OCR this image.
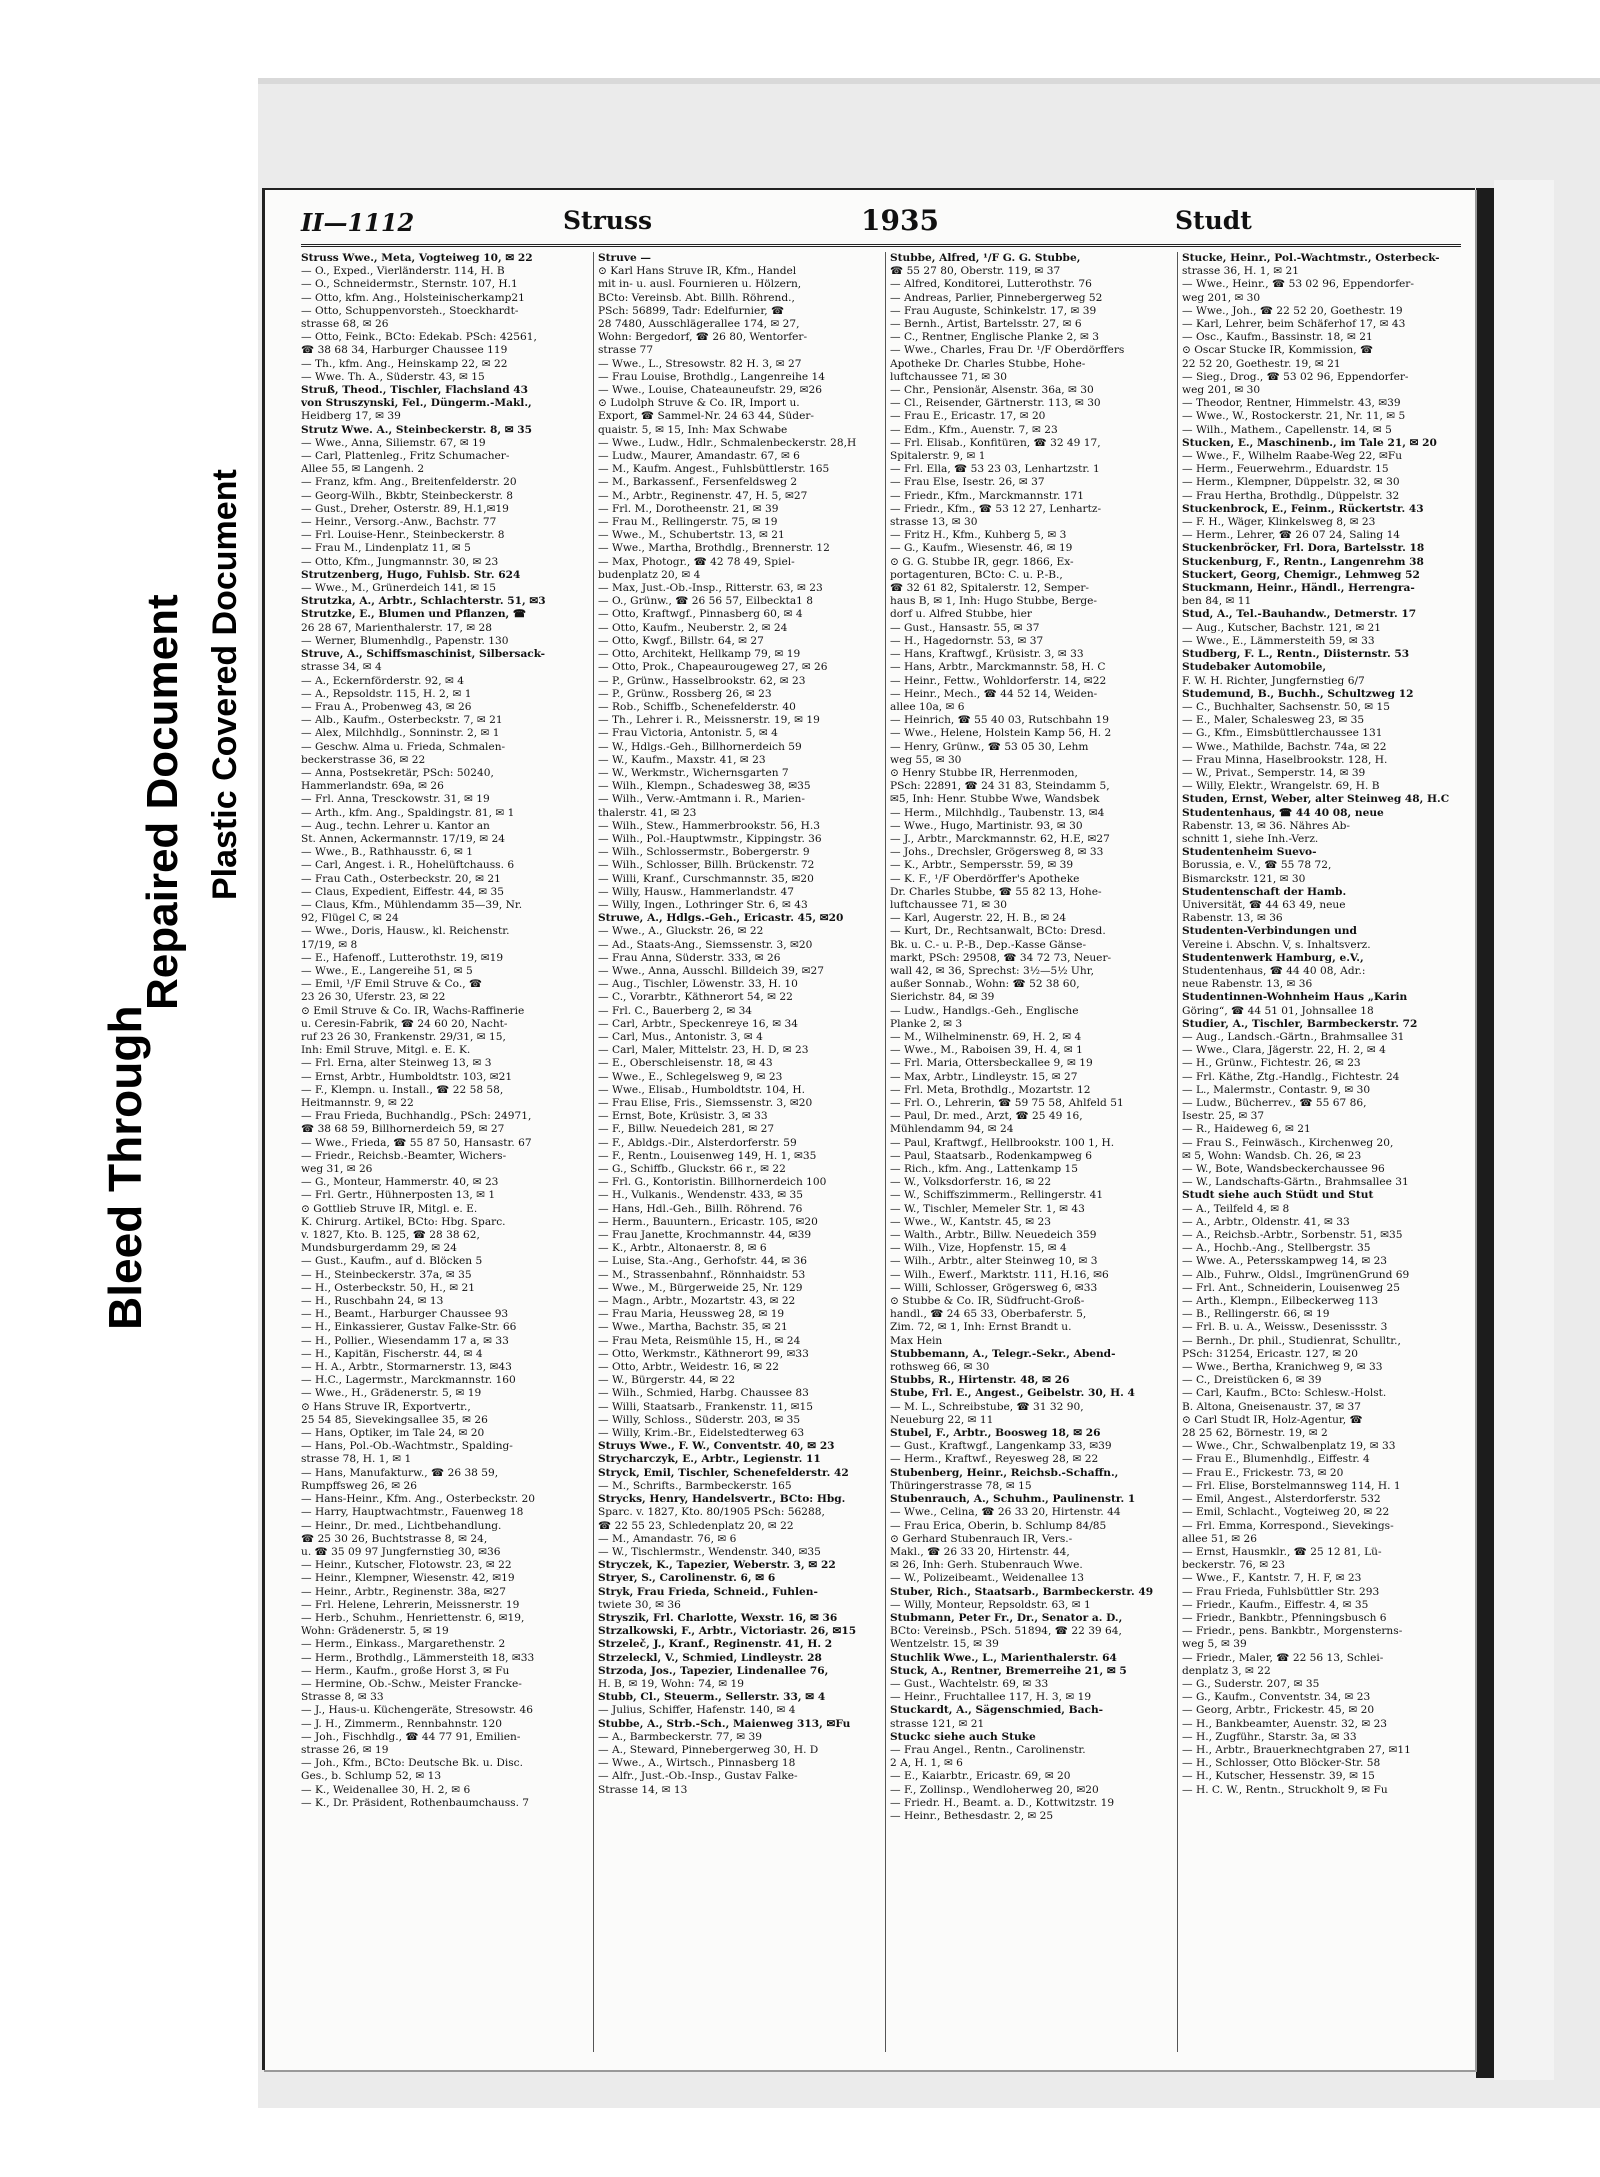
Bleed Through
Repaired Document Plastic Covered Document
II—1112	Struss	1935	Studt
Struss Wwe., Meta, Vogteiweg 10, ✉ 22
— O., Exped., Vierländerstr. 114, H. B
— O., Schneidermstr., Sternstr. 107, H.1
— Otto, kfm. Ang., Holsteinischerkamp21
— Otto, Schuppenvorsteh., Stoeckhardt-
strasse 68, ✉ 26
— Otto, Feink., BCto: Edekab. PSch: 42561,
☎ 38 68 34, Harburger Chaussee 119
— Th., kfm. Ang., Heinskamp 22, ✉ 22
— Wwe. Th. A., Süderstr. 43, ✉ 15
Struß, Theod., Tischler, Flachsland 43
von Struszynski, Fel., Düngerm.-Makl.,
Heidberg 17, ✉ 39
Strutz Wwe. A., Steinbeckerstr. 8, ✉ 35
— Wwe., Anna, Siliemstr. 67, ✉ 19
— Carl, Plattenleg., Fritz Schumacher-
Allee 55, ✉ Langenh. 2
— Franz, kfm. Ang., Breitenfelderstr. 20
— Georg-Wilh., Bkbtr, Steinbeckerstr. 8
— Gust., Dreher, Osterstr. 89, H.1,✉19
— Heinr., Versorg.-Anw., Bachstr. 77
— Frl. Louise-Henr., Steinbeckerstr. 8
— Frau M., Lindenplatz 11, ✉ 5
— Otto, Kfm., Jungmannstr. 30, ✉ 23
Strutzenberg, Hugo, Fuhlsb. Str. 624
— Wwe., M., Grünerdeich 141, ✉ 15
Strutzka, A., Arbtr., Schlachterstr. 51, ✉3
Strutzke, E., Blumen und Pflanzen, ☎
26 28 67, Marienthalerstr. 17, ✉ 28
— Werner, Blumenhdlg., Papenstr. 130
Struve, A., Schiffsmaschinist, Silbersack-
strasse 34, ✉ 4
— A., Eckernförderstr. 92, ✉ 4
— A., Repsoldstr. 115, H. 2, ✉ 1
— Frau A., Probenweg 43, ✉ 26
— Alb., Kaufm., Osterbeckstr. 7, ✉ 21
— Alex, Milchhdlg., Sonninstr. 2, ✉ 1
— Geschw. Alma u. Frieda, Schmalen-
beckerstrasse 36, ✉ 22
— Anna, Postsekretär, PSch: 50240,
Hammerlandstr. 69a, ✉ 26
— Frl. Anna, Tresckowstr. 31, ✉ 19
— Arth., kfm. Ang., Spaldingstr. 81, ✉ 1
— Aug., techn. Lehrer u. Kantor an
St. Annen, Ackermannstr. 17/19, ✉ 24
— Wwe., B., Rathhausstr. 6, ✉ 1
— Carl, Angest. i. R., Hohelüftchauss. 6
— Frau Cath., Osterbeckstr. 20, ✉ 21
— Claus, Expedient, Eiffestr. 44, ✉ 35
— Claus, Kfm., Mühlendamm 35—39, Nr.
92, Flügel C, ✉ 24
— Wwe., Doris, Hausw., kl. Reichenstr.
17/19, ✉ 8
— E., Hafenoff., Lutterothstr. 19, ✉19
— Wwe., E., Langereihe 51, ✉ 5
— Emil, ¹/F Emil Struve & Co., ☎
23 26 30, Uferstr. 23, ✉ 22
⊙ Emil Struve & Co. IR, Wachs-Raffinerie
u. Ceresin-Fabrik, ☎ 24 60 20, Nacht-
ruf 23 26 30, Frankenstr. 29/31, ✉ 15,
Inh: Emil Struve, Mitgl. e. E. K.
— Frl. Erna, alter Steinweg 13, ✉ 3
— Ernst, Arbtr., Humboldtstr. 103, ✉21
— F., Klempn. u. Install., ☎ 22 58 58,
Heitmannstr. 9, ✉ 22
— Frau Frieda, Buchhandlg., PSch: 24971,
☎ 38 68 59, Billhornerdeich 59, ✉ 27
— Wwe., Frieda, ☎ 55 87 50, Hansastr. 67
— Friedr., Reichsb.-Beamter, Wichers-
weg 31, ✉ 26
— G., Monteur, Hammerstr. 40, ✉ 23
— Frl. Gertr., Hühnerposten 13, ✉ 1
⊙ Gottlieb Struve IR, Mitgl. e. E.
K. Chirurg. Artikel, BCto: Hbg. Sparc.
v. 1827, Kto. B. 125, ☎ 28 38 62,
Mundsburgerdamm 29, ✉ 24
— Gust., Kaufm., auf d. Blöcken 5
— H., Steinbeckerstr. 37a, ✉ 35
— H., Osterbeckstr. 50, H., ✉ 21
— H., Ruschbahn 24, ✉ 13
— H., Beamt., Harburger Chaussee 93
— H., Einkassierer, Gustav Falke-Str. 66
— H., Pollier., Wiesendamm 17 a, ✉ 33
— H., Kapitän, Fischerstr. 44, ✉ 4
— H. A., Arbtr., Stormarnerstr. 13, ✉43
— H.C., Lagermstr., Marckmannstr. 160
— Wwe., H., Grädenerstr. 5, ✉ 19
⊙ Hans Struve IR, Exportvertr.,
25 54 85, Sievekingsallee 35, ✉ 26
— Hans, Optiker, im Tale 24, ✉ 20
— Hans, Pol.-Ob.-Wachtmstr., Spalding-
strasse 78, H. 1, ✉ 1
— Hans, Manufakturw., ☎ 26 38 59,
Rumpffsweg 26, ✉ 26
— Hans-Heinr., Kfm. Ang., Osterbeckstr. 20
— Harry, Hauptwachtmstr., Fauenweg 18
— Heinr., Dr. med., Lichtbehandlung.
☎ 25 30 26, Buchtstrasse 8, ✉ 24,
u. ☎ 35 09 97 Jungfernstieg 30, ✉36
— Heinr., Kutscher, Flotowstr. 23, ✉ 22
— Heinr., Klempner, Wiesenstr. 42, ✉19
— Heinr., Arbtr., Reginenstr. 38a, ✉27
— Frl. Helene, Lehrerin, Meissnerstr. 19
— Herb., Schuhm., Henriettenstr. 6, ✉19,
Wohn: Grädenerstr. 5, ✉ 19
— Herm., Einkass., Margarethenstr. 2
— Herm., Brothdlg., Lämmersteith 18, ✉33
— Herm., Kaufm., große Horst 3, ✉ Fu
— Hermine, Ob.-Schw., Meister Francke-
Strasse 8, ✉ 33
— J., Haus-u. Küchengeräte, Stresowstr. 46
— J. H., Zimmerm., Rennbahnstr. 120
— Joh., Fischhdlg., ☎ 44 77 91, Emilien-
strasse 26, ✉ 19
— Joh., Kfm., BCto: Deutsche Bk. u. Disc.
Ges., b. Schlump 52, ✉ 13
— K., Weidenallee 30, H. 2, ✉ 6
— K., Dr. Präsident, Rothenbaumchauss. 7
Struve —
⊙ Karl Hans Struve IR, Kfm., Handel
mit in- u. ausl. Fournieren u. Hölzern,
BCto: Vereinsb. Abt. Billh. Röhrend.,
PSch: 56899, Tadr: Edelfurnier, ☎
28 7480, Ausschlägerallee 174, ✉ 27,
Wohn: Bergedorf, ☎ 26 80, Wentorfer-
strasse 77
— Wwe., L., Stresowstr. 82 H. 3, ✉ 27
— Frau Louise, Brothdlg., Langenreihe 14
— Wwe., Louise, Chateauneufstr. 29, ✉26
⊙ Ludolph Struve & Co. IR, Import u.
Export, ☎ Sammel-Nr. 24 63 44, Süder-
quaistr. 5, ✉ 15, Inh: Max Schwabe
— Wwe., Ludw., Hdlr., Schmalenbeckerstr. 28,H
— Ludw., Maurer, Amandastr. 67, ✉ 6
— M., Kaufm. Angest., Fuhlsbüttlerstr. 165
— M., Barkassenf., Fersenfeldsweg 2
— M., Arbtr., Reginenstr. 47, H. 5, ✉27
— Frl. M., Dorotheenstr. 21, ✉ 39
— Frau M., Rellingerstr. 75, ✉ 19
— Wwe., M., Schubertstr. 13, ✉ 21
— Wwe., Martha, Brothdlg., Brennerstr. 12
— Max, Photogr., ☎ 42 78 49, Spiel-
budenplatz 20, ✉ 4
— Max, Just.-Ob.-Insp., Ritterstr. 63, ✉ 23
— O., Grünw., ☎ 26 56 57, Eilbeckta1 8
— Otto, Kraftwgf., Pinnasberg 60, ✉ 4
— Otto, Kaufm., Neuberstr. 2, ✉ 24
— Otto, Kwgf., Billstr. 64, ✉ 27
— Otto, Architekt, Hellkamp 79, ✉ 19
— Otto, Prok., Chapeaurougeweg 27, ✉ 26
— P., Grünw., Hasselbrookstr. 62, ✉ 23
— P., Grünw., Rossberg 26, ✉ 23
— Rob., Schiffb., Schenefelderstr. 40
— Th., Lehrer i. R., Meissnerstr. 19, ✉ 19
— Frau Victoria, Antonistr. 5, ✉ 4
— W., Hdlgs.-Geh., Billhornerdeich 59
— W., Kaufm., Maxstr. 41, ✉ 23
— W., Werkmstr., Wichernsgarten 7
— Wilh., Klempn., Schadesweg 38, ✉35
— Wilh., Verw.-Amtmann i. R., Marien-
thalerstr. 41, ✉ 23
— Wilh., Stew., Hammerbrookstr. 56, H.3
— Wilh., Pol.-Hauptwmstr., Kippingstr. 36
— Wilh., Schlossermstr., Bobergerstr. 9
— Wilh., Schlosser, Billh. Brückenstr. 72
— Willi, Kranf., Curschmannstr. 35, ✉20
— Willy, Hausw., Hammerlandstr. 47
— Willy, Ingen., Lothringer Str. 6, ✉ 43
Struwe, A., Hdlgs.-Geh., Ericastr. 45, ✉20
— Wwe., A., Gluckstr. 26, ✉ 22
— Ad., Staats-Ang., Siemssenstr. 3, ✉20
— Frau Anna, Süderstr. 333, ✉ 26
— Wwe., Anna, Ausschl. Billdeich 39, ✉27
— Aug., Tischler, Löwenstr. 33, H. 10
— C., Vorarbtr., Käthnerort 54, ✉ 22
— Frl. C., Bauerberg 2, ✉ 34
— Carl, Arbtr., Speckenreye 16, ✉ 34
— Carl, Mus., Antonistr. 3, ✉ 4
— Carl, Maler, Mittelstr. 23, H. D, ✉ 23
— E., Oberschleisenstr. 18, ✉ 43
— Wwe., E., Schlegelsweg 9, ✉ 23
— Wwe., Elisab., Humboldtstr. 104, H.
— Frau Elise, Fris., Siemssenstr. 3, ✉20
— Ernst, Bote, Krüsistr. 3, ✉ 33
— F., Billw. Neuedeich 281, ✉ 27
— F., Abldgs.-Dir., Alsterdorferstr. 59
— F., Rentn., Louisenweg 149, H. 1, ✉35
— G., Schiffb., Gluckstr. 66 r., ✉ 22
— Frl. G., Kontoristin. Billhornerdeich 100
— H., Vulkanis., Wendenstr. 433, ✉ 35
— Hans, Hdl.-Geh., Billh. Röhrend. 76
— Herm., Bauuntern., Ericastr. 105, ✉20
— Frau Janette, Krochmannstr. 44, ✉39
— K., Arbtr., Altonaerstr. 8, ✉ 6
— Luise, Sta.-Ang., Gerhofstr. 44, ✉ 36
— M., Strassenbahnf., Rönnhaidstr. 53
— Wwe., M., Bürgerweide 25, Nr. 129
— Magn., Arbtr., Mozartstr. 43, ✉ 22
— Frau Maria, Heussweg 28, ✉ 19
— Wwe., Martha, Bachstr. 35, ✉ 21
— Frau Meta, Reismühle 15, H., ✉ 24
— Otto, Werkmstr., Käthnerort 99, ✉33
— Otto, Arbtr., Weidestr. 16, ✉ 22
— W., Bürgerstr. 44, ✉ 22
— Wilh., Schmied, Harbg. Chaussee 83
— Willi, Staatsarb., Frankenstr. 11, ✉15
— Willy, Schloss., Süderstr. 203, ✉ 35
— Willy, Krim.-Br., Eidelstedterweg 63
Struys Wwe., F. W., Conventstr. 40, ✉ 23
Strycharczyk, E., Arbtr., Legienstr. 11
Stryck, Emil, Tischler, Schenefelderstr. 42
— M., Schrifts., Barmbeckerstr. 165
Strycks, Henry, Handelsvertr., BCto: Hbg.
Sparc. v. 1827, Kto. 80/1905 PSch: 56288,
☎ 22 55 23, Schledenplatz 20, ✉ 22
— M., Amandastr. 76, ✉ 6
— W., Tischlermstr., Wendenstr. 340, ✉35
Stryczek, K., Tapezier, Weberstr. 3, ✉ 22
Stryer, S., Carolinenstr. 6, ✉ 6
Stryk, Frau Frieda, Schneid., Fuhlen-
twiete 30, ✉ 36
Stryszik, Frl. Charlotte, Wexstr. 16, ✉ 36
Strzalkowski, F., Arbtr., Victoriastr. 26, ✉15
Strzeleč, J., Kranf., Reginenstr. 41, H. 2
Strzeleckl, V., Schmied, Lindleystr. 28
Strzoda, Jos., Tapezier, Lindenallee 76,
H. B, ✉ 19, Wohn: 74, ✉ 19
Stubb, Cl., Steuerm., Sellerstr. 33, ✉ 4
— Julius, Schiffer, Hafenstr. 140, ✉ 4
Stubbe, A., Strb.-Sch., Maienweg 313, ✉Fu
— A., Barmbeckerstr. 77, ✉ 39
— A., Steward, Pinnebergerweg 30, H. D
— Wwe., A., Wirtsch., Pinnasberg 18
— Alfr., Just.-Ob.-Insp., Gustav Falke-
Strasse 14, ✉ 13
Stubbe, Alfred, ¹/F G. G. Stubbe,
☎ 55 27 80, Oberstr. 119, ✉ 37
— Alfred, Konditorei, Lutterothstr. 76
— Andreas, Parlier, Pinnebergerweg 52
— Frau Auguste, Schinkelstr. 17, ✉ 39
— Bernh., Artist, Bartelsstr. 27, ✉ 6
— C., Rentner, Englische Planke 2, ✉ 3
— Wwe., Charles, Frau Dr. ¹/F Oberdörffers
Apotheke Dr. Charles Stubbe, Hohe-
luftchaussee 71, ✉ 30
— Chr., Pensionär, Alsenstr. 36a, ✉ 30
— Cl., Reisender, Gärtnerstr. 113, ✉ 30
— Frau E., Ericastr. 17, ✉ 20
— Edm., Kfm., Auenstr. 7, ✉ 23
— Frl. Elisab., Konfitüren, ☎ 32 49 17,
Spitalerstr. 9, ✉ 1
— Frl. Ella, ☎ 53 23 03, Lenhartzstr. 1
— Frau Else, Isestr. 26, ✉ 37
— Friedr., Kfm., Marckmannstr. 171
— Friedr., Kfm., ☎ 53 12 27, Lenhartz-
strasse 13, ✉ 30
— Fritz H., Kfm., Kuhberg 5, ✉ 3
— G., Kaufm., Wiesenstr. 46, ✉ 19
⊙ G. G. Stubbe IR, gegr. 1866, Ex-
portagenturen, BCto: C. u. P.-B.,
☎ 32 61 82, Spitalerstr. 12, Semper-
haus B, ✉ 1, Inh: Hugo Stubbe, Berge-
dorf u. Alfred Stubbe, hier
— Gust., Hansastr. 55, ✉ 37
— H., Hagedornstr. 53, ✉ 37
— Hans, Kraftwgf., Krüsistr. 3, ✉ 33
— Hans, Arbtr., Marckmannstr. 58, H. C
— Heinr., Fettw., Wohldorferstr. 14, ✉22
— Heinr., Mech., ☎ 44 52 14, Weiden-
allee 10a, ✉ 6
— Heinrich, ☎ 55 40 03, Rutschbahn 19
— Wwe., Helene, Holstein Kamp 56, H. 2
— Henry, Grünw., ☎ 53 05 30, Lehm
weg 55, ✉ 30
⊙ Henry Stubbe IR, Herrenmoden,
PSch: 22891, ☎ 24 31 83, Steindamm 5,
✉5, Inh: Henr. Stubbe Wwe, Wandsbek
— Herm., Milchhdlg., Taubenstr. 13, ✉4
— Wwe., Hugo, Martinistr. 93, ✉ 30
— J., Arbtr., Marckmannstr. 62, H.E, ✉27
— Johs., Drechsler, Grögersweg 8, ✉ 33
— K., Arbtr., Sempersstr. 59, ✉ 39
— K. F., ¹/F Oberdörffer's Apotheke
Dr. Charles Stubbe, ☎ 55 82 13, Hohe-
luftchaussee 71, ✉ 30
— Karl, Augerstr. 22, H. B., ✉ 24
— Kurt, Dr., Rechtsanwalt, BCto: Dresd.
Bk. u. C.- u. P.-B., Dep.-Kasse Gänse-
markt, PSch: 29508, ☎ 34 72 73, Neuer-
wall 42, ✉ 36, Sprechst: 3½—5½ Uhr,
außer Sonnab., Wohn: ☎ 52 38 60,
Sierichstr. 84, ✉ 39
— Ludw., Handlgs.-Geh., Englische
Planke 2, ✉ 3
— M., Wilhelminenstr. 69, H. 2, ✉ 4
— Wwe., M., Raboisen 39, H. 4, ✉ 1
— Frl. Maria, Ottersbeckallee 9, ✉ 19
— Max, Arbtr., Lindleystr. 15, ✉ 27
— Frl. Meta, Brothdlg., Mozartstr. 12
— Frl. O., Lehrerin, ☎ 59 75 58, Ahlfeld 51
— Paul, Dr. med., Arzt, ☎ 25 49 16,
Mühlendamm 94, ✉ 24
— Paul, Kraftwgf., Hellbrookstr. 100 1, H.
— Paul, Staatsarb., Rodenkampweg 6
— Rich., kfm. Ang., Lattenkamp 15
— W., Volksdorferstr. 16, ✉ 22
— W., Schiffszimmerm., Rellingerstr. 41
— W., Tischler, Memeler Str. 1, ✉ 43
— Wwe., W., Kantstr. 45, ✉ 23
— Walth., Arbtr., Billw. Neuedeich 359
— Wilh., Vize, Hopfenstr. 15, ✉ 4
— Wilh., Arbtr., alter Steinweg 10, ✉ 3
— Wilh., Ewerf., Marktstr. 111, H.16, ✉6
— Willi, Schlosser, Grögersweg 6, ✉33
⊙ Stubbe & Co. IR, Südfrucht-Groß-
handl., ☎ 24 65 33, Oberbaferstr. 5,
Zim. 72, ✉ 1, Inh: Ernst Brandt u.
Max Hein
Stubbemann, A., Telegr.-Sekr., Abend-
rothsweg 66, ✉ 30
Stubbs, R., Hirtenstr. 48, ✉ 26
Stube, Frl. E., Angest., Geibelstr. 30, H. 4
— M. L., Schreibstube, ☎ 31 32 90,
Neueburg 22, ✉ 11
Stubel, F., Arbtr., Boosweg 18, ✉ 26
— Gust., Kraftwgf., Langenkamp 33, ✉39
— Herm., Kraftwf., Reyesweg 28, ✉ 22
Stubenberg, Heinr., Reichsb.-Schaffn.,
Thüringerstrasse 78, ✉ 15
Stubenrauch, A., Schuhm., Paulinenstr. 1
— Wwe., Celina, ☎ 26 33 20, Hirtenstr. 44
— Frau Erica, Oberin, b. Schlump 84/85
⊙ Gerhard Stubenrauch IR, Vers.-
Makl., ☎ 26 33 20, Hirtenstr. 44,
✉ 26, Inh: Gerh. Stubenrauch Wwe.
— W., Polizeibeamt., Weidenallee 13
Stuber, Rich., Staatsarb., Barmbeckerstr. 49
— Willy, Monteur, Repsoldstr. 63, ✉ 1
Stubmann, Peter Fr., Dr., Senator a. D.,
BCto: Vereinsb., PSch. 51894, ☎ 22 39 64,
Wentzelstr. 15, ✉ 39
Stuchlik Wwe., L., Marienthalerstr. 64
Stuck, A., Rentner, Bremerreihe 21, ✉ 5
— Gust., Wachtelstr. 69, ✉ 33
— Heinr., Fruchtallee 117, H. 3, ✉ 19
Stuckardt, A., Sägenschmied, Bach-
strasse 121, ✉ 21
Stuckc siehe auch Stuke
— Frau Angel., Rentn., Carolinenstr.
2 A, H. 1, ✉ 6
— E., Kaiarbtr., Ericastr. 69, ✉ 20
— F., Zollinsp., Wendloherweg 20, ✉20
— Friedr. H., Beamt. a. D., Kottwitzstr. 19
— Heinr., Bethesdastr. 2, ✉ 25
Stucke, Heinr., Pol.-Wachtmstr., Osterbeck-
strasse 36, H. 1, ✉ 21
— Wwe., Heinr., ☎ 53 02 96, Eppendorfer-
weg 201, ✉ 30
— Wwe., Joh., ☎ 22 52 20, Goethestr. 19
— Karl, Lehrer, beim Schäferhof 17, ✉ 43
— Osc., Kaufm., Bassinstr. 18, ✉ 21
⊙ Oscar Stucke IR, Kommission, ☎
22 52 20, Goethestr. 19, ✉ 21
— Sieg., Drog., ☎ 53 02 96, Eppendorfer-
weg 201, ✉ 30
— Theodor, Rentner, Himmelstr. 43, ✉39
— Wwe., W., Rostockerstr. 21, Nr. 11, ✉ 5
— Wilh., Mathem., Capellenstr. 14, ✉ 5
Stucken, E., Maschinenb., im Tale 21, ✉ 20
— Wwe., F., Wilhelm Raabe-Weg 22, ✉Fu
— Herm., Feuerwehrm., Eduardstr. 15
— Herm., Klempner, Düppelstr. 32, ✉ 30
— Frau Hertha, Brothdlg., Düppelstr. 32
Stuckenbrock, E., Feinm., Rückertstr. 43
— F. H., Wäger, Klinkelsweg 8, ✉ 23
— Herm., Lehrer, ☎ 26 07 24, Saling 14
Stuckenbröcker, Frl. Dora, Bartelsstr. 18
Stuckenburg, F., Rentn., Langenrehm 38
Stuckert, Georg, Chemigr., Lehmweg 52
Stuckmann, Heinr., Händl., Herrengra-
ben 84, ✉ 11
Stud, A., Tel.-Bauhandw., Detmerstr. 17
— Aug., Kutscher, Bachstr. 121, ✉ 21
— Wwe., E., Lämmersteith 59, ✉ 33
Studberg, F. L., Rentn., Diisternstr. 53
Studebaker Automobile,
F. W. H. Richter, Jungfernstieg 6/7
Studemund, B., Buchh., Schultzweg 12
— C., Buchhalter, Sachsenstr. 50, ✉ 15
— E., Maler, Schalesweg 23, ✉ 35
— G., Kfm., Eimsbüttlerchaussee 131
— Wwe., Mathilde, Bachstr. 74a, ✉ 22
— Frau Minna, Haselbrookstr. 128, H.
— W., Privat., Semperstr. 14, ✉ 39
— Willy, Elektr., Wrangelstr. 69, H. B
Studen, Ernst, Weber, alter Steinweg 48, H.C
Studentenhaus, ☎ 44 40 08, neue
Rabenstr. 13, ✉ 36. Nähres Ab-
schnitt 1, siehe Inh.-Verz.
Studentenheim Suevo-
Borussia, e. V., ☎ 55 78 72,
Bismarckstr. 121, ✉ 30
Studentenschaft der Hamb.
Universität, ☎ 44 63 49, neue
Rabenstr. 13, ✉ 36
Studenten-Verbindungen und
Vereine i. Abschn. V, s. Inhaltsverz.
Studentenwerk Hamburg, e.V.,
Studentenhaus, ☎ 44 40 08, Adr.:
neue Rabenstr. 13, ✉ 36
Studentinnen-Wohnheim Haus „Karin
Göring“, ☎ 44 51 01, Johnsallee 18
Studier, A., Tischler, Barmbeckerstr. 72
— Aug., Landsch.-Gärtn., Brahmsallee 31
— Wwe., Clara, Jägerstr. 22, H. 2, ✉ 4
— H., Grünw., Fichtestr. 26, ✉ 23
— Frl. Käthe, Ztg.-Handlg., Fichtestr. 24
— L., Malermstr., Contastr. 9, ✉ 30
— Ludw., Bücherrev., ☎ 55 67 86,
Isestr. 25, ✉ 37
— R., Haideweg 6, ✉ 21
— Frau S., Feinwäsch., Kirchenweg 20,
✉ 5, Wohn: Wandsb. Ch. 26, ✉ 23
— W., Bote, Wandsbeckerchaussee 96
— W., Landschafts-Gärtn., Brahmsallee 31
Studt siehe auch Stüdt und Stut
— A., Teilfeld 4, ✉ 8
— A., Arbtr., Oldenstr. 41, ✉ 33
— A., Reichsb.-Arbtr., Sorbenstr. 51, ✉35
— A., Hochb.-Ang., Stellbergstr. 35
— Wwe. A., Petersskampweg 14, ✉ 23
— Alb., Fuhrw., Oldsl., ImgrünenGrund 69
— Frl. Ant., Schneiderin, Louisenweg 25
— Arth., Klempn., Eilbeckerweg 113
— B., Rellingerstr. 66, ✉ 19
— Frl. B. u. A., Weissw., Desenissstr. 3
— Bernh., Dr. phil., Studienrat, Schulltr.,
PSch: 31254, Ericastr. 127, ✉ 20
— Wwe., Bertha, Kranichweg 9, ✉ 33
— C., Dreistücken 6, ✉ 39
— Carl, Kaufm., BCto: Schlesw.-Holst.
B. Altona, Gneisenaustr. 37, ✉ 37
⊙ Carl Studt IR, Holz-Agentur, ☎
28 25 62, Börnestr. 19, ✉ 2
— Wwe., Chr., Schwalbenplatz 19, ✉ 33
— Frau E., Blumenhdlg., Eiffestr. 4
— Frau E., Frickestr. 73, ✉ 20
— Frl. Elise, Borstelmannsweg 114, H. 1
— Emil, Angest., Alsterdorferstr. 532
— Emil, Schlacht., Vogteiweg 20, ✉ 22
— Frl. Emma, Korrespond., Sievekings-
allee 51, ✉ 26
— Ernst, Hausmklr., ☎ 25 12 81, Lü-
beckerstr. 76, ✉ 23
— Wwe., F., Kantstr. 7, H. F, ✉ 23
— Frau Frieda, Fuhlsbüttler Str. 293
— Friedr., Kaufm., Eiffestr. 4, ✉ 35
— Friedr., Bankbtr., Pfenningsbusch 6
— Friedr., pens. Bankbtr., Morgensterns-
weg 5, ✉ 39
— Friedr., Maler, ☎ 22 56 13, Schlei-
denplatz 3, ✉ 22
— G., Suderstr. 207, ✉ 35
— G., Kaufm., Conventstr. 34, ✉ 23
— Georg, Arbtr., Frickestr. 45, ✉ 20
— H., Bankbeamter, Auenstr. 32, ✉ 23
— H., Zugführ., Starstr. 3a, ✉ 33
— H., Arbtr., Brauerknechtgraben 27, ✉11
— H., Schlosser, Otto Blöcker-Str. 58
— H., Kutscher, Hessenstr. 39, ✉ 15
— H. C. W., Rentn., Struckholt 9, ✉ Fu
